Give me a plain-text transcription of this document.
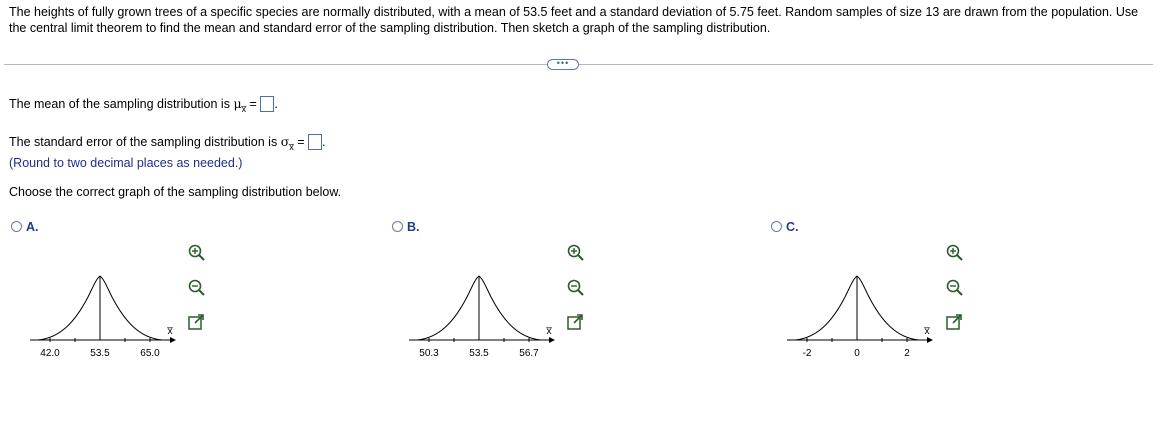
The heights of fully grown trees of a specific species are normally distributed, with a mean of 53.5 feet and a standard deviation of 5.75 feet. Random samples of size 13 are drawn from the population. Use the central limit theorem to find the mean and standard error of the sampling distribution. Then sketch a graph of the sampling distribution.
•••
The mean of the sampling distribution is $\mu_{x̅}$ = .
The standard error of the sampling distribution is $\sigma_{x̅}$ = .
(Round to two decimal places as needed.)
Choose the correct graph of the sampling distribution below.
A.	B.	C.
42.0	53.5	65.0
x̅
50.3	53.5	56.7
x̅
-2	0	2
x̅
